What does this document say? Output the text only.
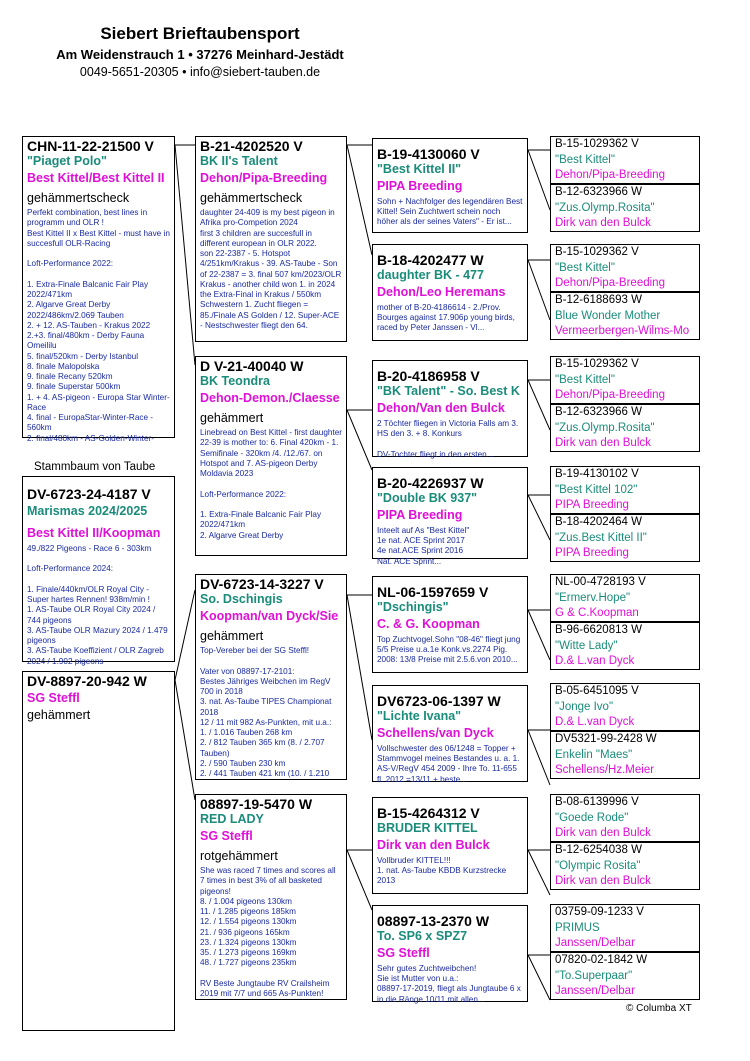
Siebert Brieftaubensport
Am Weidenstrauch 1 • 37276 Meinhard-Jestädt
0049-5651-20305 • info@siebert-tauben.de
CHN-11-22-21500 V
"Piaget Polo"
Best Kittel/Best Kittel II
gehämmertscheck
Perfekt combination, best lines in programm und OLR !
Best Kittel II x Best Kittel - must have in succesfull OLR-Racing

Loft-Performance 2022:

1. Extra-Finale Balcanic Fair Play 2022/471km
2. Algarve Great Derby 2022/486km/2.069 Tauben
2. + 12. AS-Tauben - Krakus 2022
2.+3. final/480km - Derby Fauna Omeililu
5. final/520km - Derby Istanbul
8. finale Malopolska
9. finale Recany 520km
9. finale Superstar 500km
1. + 4. AS-pigeon - Europa Star Winter-Race
4. final - EuropaStar-Winter-Race - 560km
2. final/480km - AS-Golden-Winter-
Stammbaum von Taube
DV-6723-24-4187 V
Marismas 2024/2025
Best Kittel II/Koopman
49./822 Pigeons - Race 6 - 303km

Loft-Performance 2024:

1. Finale/440km/OLR Royal City - Super hartes Rennen! 938m/min !
1. AS-Taube OLR Royal City 2024 / 744 pigeons
3. AS-Taube OLR Mazury 2024 / 1.479 pigeons
3. AS-Taube Koeffizient / OLR Zagreb 2024 / 1.902 pigeons
DV-8897-20-942 W
SG Steffl
gehämmert
B-21-4202520 V
BK II's Talent
Dehon/Pipa-Breeding
gehämmertscheck
daughter 24-409 is my best pigeon in Afrika pro-Competion 2024
first 3 children are succesfull in different european in OLR 2022.
son 22-2387 - 5. Hotspot 4/251km/Krakus - 39. AS-Taube - Son of 22-2387 = 3. final 507 km/2023/OLR Krakus - another child won 1. in 2024 the Extra-Final in Krakus / 550km
Schwestern 1. Zucht fliegen = 85./Finale AS Golden / 12. Super-ACE - Nestschwester fliegt den 64.
D V-21-40040 W
BK Teondra
Dehon-Demon./Claesse
gehämmert
Linebread on Best Kittel - first daughter 22-39 is mother to: 6. Final 420km - 1. Semifinale - 320km /4. /12./67. on Hotspot and 7. AS-pigeon Derby Moldavia 2023

Loft-Performance 2022:

1. Extra-Finale Balcanic Fair Play 2022/471km
2. Algarve Great Derby
DV-6723-14-3227 V
So. Dschingis
Koopman/van Dyck/Sie
gehämmert
Top-Vereber bei der SG Steffl!

Vater von 08897-17-2101:
Bestes Jähriges Weibchen im RegV 700 in 2018
3. nat. As-Taube TIPES Championat 2018
12 / 11 mit 982 As-Punkten, mit u.a.:
1. / 1.016 Tauben 268 km
2. / 812 Tauben 365 km (8. / 2.707 Tauben)
2. / 590 Tauben 230 km
2. / 441 Tauben 421 km (10. / 1.210
08897-19-5470 W
RED LADY
SG Steffl
rotgehämmert
She was raced 7 times and scores all 7 times in best 3% of all basketed pigeons!
8. / 1.004 pigeons 130km
11. / 1.285 pigeons 185km
12. / 1.554 pigeons 130km
21. / 936 pigeons 165km
23. / 1.324 pigeons 130km
35. / 1.273 pigeons 169km
48. / 1.727 pigeons 235km

RV Beste Jungtaube RV Crailsheim 2019 mit 7/7 und 665 As-Punkten!
B-19-4130060 V
"Best Kittel II"
PIPA Breeding
Sohn + Nachfolger des legendären Best Kittel! Sein Zuchtwert schein noch höher als der seines Vaters" - Er ist...
B-18-4202477 W
daughter BK - 477
Dehon/Leo Heremans
mother of B-20-4186614 - 2./Prov. Bourges against 17.906p young birds, raced by Peter Janssen - Vl...
B-20-4186958 V
"BK Talent" - So. Best K
Dehon/Van den Bulck
2 Töchter fliegen in Victoria Falls am 3. HS den 3. + 8. Konkurs

DV-Tochter fliegt in den ersten...
B-20-4226937 W
"Double BK 937"
PIPA Breeding
Inteelt auf As "Best Kittel"
1e nat. ACE Sprint 2017
4e nat.ACE Sprint 2016
Nat. ACE Sprint...
NL-06-1597659 V
"Dschingis"
C. & G. Koopman
Top Zuchtvogel.Sohn "08-46" fliegt jung 5/5 Preise u.a.1e Konk.vs.2274 Pig.
2008: 13/8 Preise mit 2.5.6.von 2010...
DV6723-06-1397 W
"Lichte Ivana"
Schellens/van Dyck
Vollschwester des 06/1248 = Topper + Stammvogel meines Bestandes u. a. 1. AS-V/RegV 454 2009 - Ihre To. 11-655 fl. 2012 =13/11 + beste...
B-15-4264312 V
BRUDER KITTEL
Dirk van den Bulck
Vollbruder KITTEL!!!
1. nat. As-Taube KBDB Kurzstrecke 2013
08897-13-2370 W
To. SP6 x SPZ7
SG Steffl
Sehr gutes Zuchtweibchen!
Sie ist Mutter von u.a.:
08897-17-2019, fliegt als Jungtaube 6 x in die Ränge 10/11 mit allen...
B-15-1029362 V
"Best Kittel"
Dehon/Pipa-Breeding
B-12-6323966 W
"Zus.Olymp.Rosita"
Dirk van den Bulck
B-15-1029362 V
"Best Kittel"
Dehon/Pipa-Breeding
B-12-6188693 W
Blue Wonder Mother
Vermeerbergen-Wilms-Mo
B-15-1029362 V
"Best Kittel"
Dehon/Pipa-Breeding
B-12-6323966 W
"Zus.Olymp.Rosita"
Dirk van den Bulck
B-19-4130102 V
"Best Kittel 102"
PIPA Breeding
B-18-4202464 W
"Zus.Best Kittel II"
PIPA Breeding
NL-00-4728193 V
"Ermerv.Hope"
G & C.Koopman
B-96-6620813 W
"Witte Lady"
D.& L.van Dyck
B-05-6451095 V
"Jonge Ivo"
D.& L.van Dyck
DV5321-99-2428 W
Enkelin "Maes"
Schellens/Hz.Meier
B-08-6139996 V
"Goede Rode"
Dirk van den Bulck
B-12-6254038 W
"Olympic Rosita"
Dirk van den Bulck
03759-09-1233 V
PRIMUS
Janssen/Delbar
07820-02-1842 W
"To.Superpaar"
Janssen/Delbar
© Columba XT
